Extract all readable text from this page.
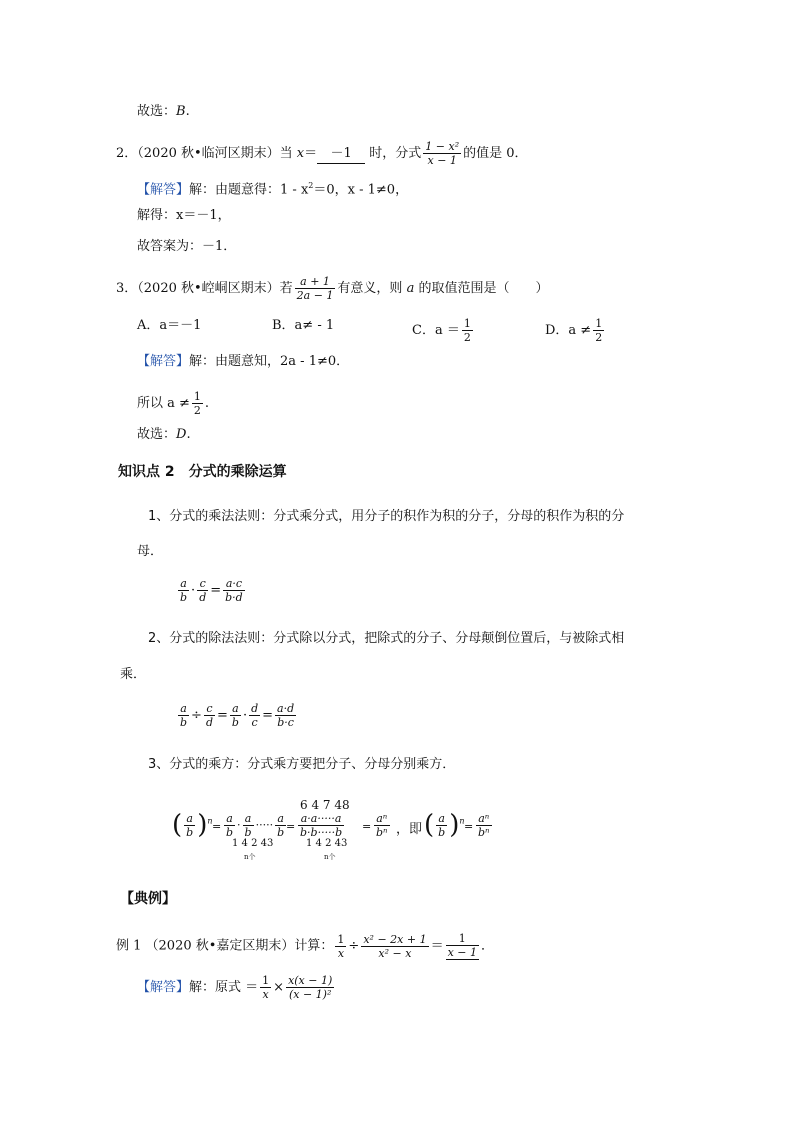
故选：B.
2．（2020 秋•临河区期末）当 x＝ －1 时，分式 $\frac{\text{1 − x²}}{x - 1}$ 的值是 0．
【解答】解：由题意得：$1 - x^2=0$，x - 1≠0，
解得：x＝－1，
故答案为：－1．
3．（2020 秋•崆峒区期末）若 $\frac{a + 1}{2a - 1}$ 有意义，则 a 的取值范围是（　　）
A．a＝－1	B．a≠ - 1	C．$a = \frac{1}{2}$	D．$a \ne \frac{1}{2}$
【解答】解：由题意知，2a - 1≠0．
所以 $a \ne \frac{1}{2}$ .
故选：D.
知识点 2　分式的乘除运算
1、分式的乘法法则：分式乘分式，用分子的积作为积的分子，分母的积作为积的分
母．
$\frac{a}{b} \cdot \frac{c}{d} = \frac{a\cdot c}{b\cdot d}$
2、分式的除法法则：分式除以分式，把除式的分子、分母颠倒位置后，与被除式相
乘．
$\frac{a}{b} \div \frac{c}{d} = \frac{a}{b} \cdot \frac{d}{c} = \frac{a\cdot d}{b\cdot c}$
3、分式的乘方：分式乘方要把分子、分母分别乘方．
6 4 7 48
( $\frac{a}{b} )^n = \frac{a}{b} \cdot \frac{a}{b}$ ····· $\frac{a}{b}$
1 4 2 43
n个
= $\frac{a\cdot a\cdot\cdot\cdot\cdot\cdot a}{b\cdot b\cdot\cdot\cdot\cdot\cdot b}$
1 4 2 43
n个
= $\frac{\text{aⁿ}}{\text{bⁿ}}$ ，即 ( $\frac{a}{b} )^n = \frac{\text{aⁿ}}{\text{bⁿ}}$
【典例】
例 1 （2020 秋•嘉定区期末）计算： $\frac{1}{x} \div \frac{\text{x² − 2x + 1}}{\text{x² − x}} = \frac{1}{x - 1}$ ．
【解答】解：原式 ＝ $\frac{1}{x} \times \frac{x(x - 1)}{\text{(x − 1)²}}$
